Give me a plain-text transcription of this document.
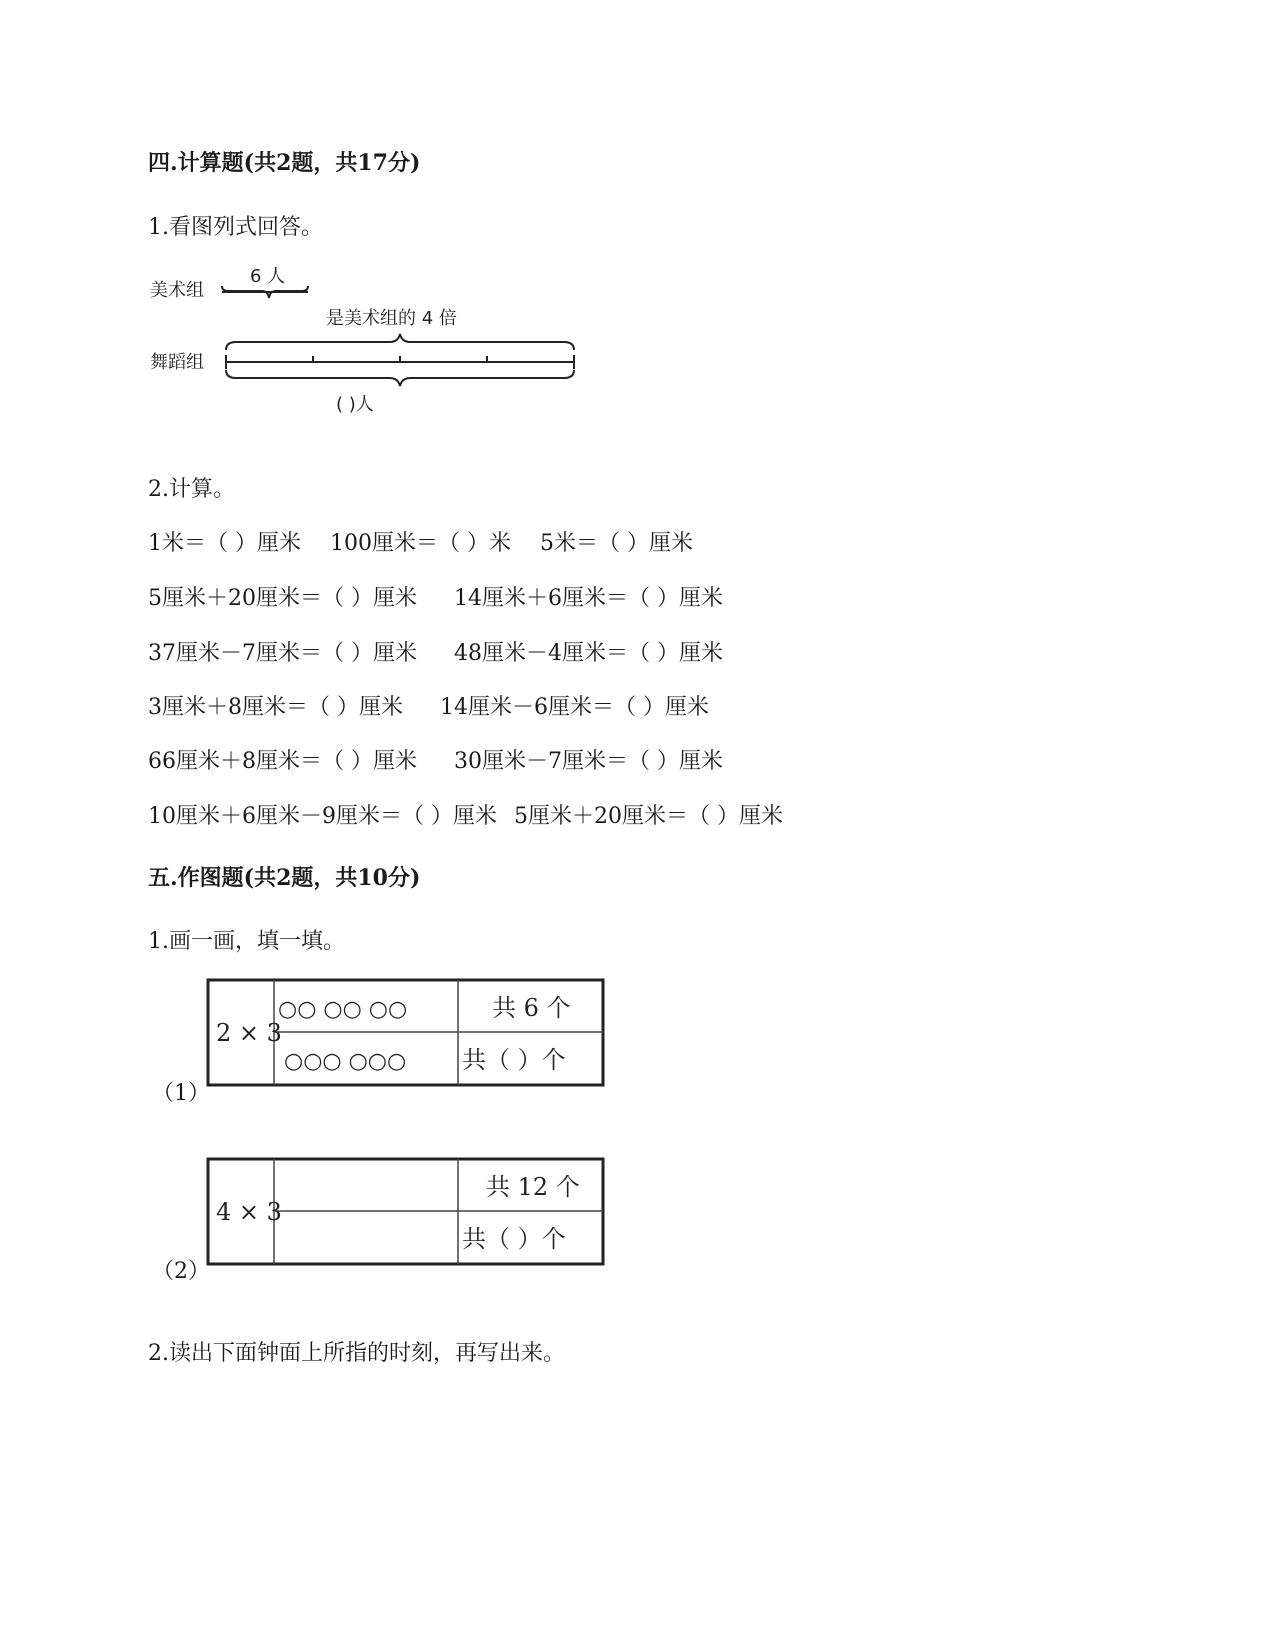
四.计算题(共2题，共17分)
1.看图列式回答。
美术组
6 人
是美术组的 4 倍
舞蹈组
( )人
2.计算。
1米＝（ ）厘米 100厘米＝（ ）米 5米＝（ ）厘米
5厘米＋20厘米＝（ ）厘米 14厘米＋6厘米＝（ ）厘米
37厘米－7厘米＝（ ）厘米 48厘米－4厘米＝（ ）厘米
3厘米＋8厘米＝（ ）厘米 14厘米－6厘米＝（ ）厘米
66厘米＋8厘米＝（ ）厘米 30厘米－7厘米＝（ ）厘米
10厘米＋6厘米－9厘米＝（ ）厘米 5厘米＋20厘米＝（ ）厘米
五.作图题(共2题，共10分)
1.画一画，填一填。
（1）
2 × 3
○○ ○○ ○○
○○○ ○○○
共 6 个
共（ ）个
（2）
4 × 3
共 12 个
共（ ）个
2.读出下面钟面上所指的时刻，再写出来。
